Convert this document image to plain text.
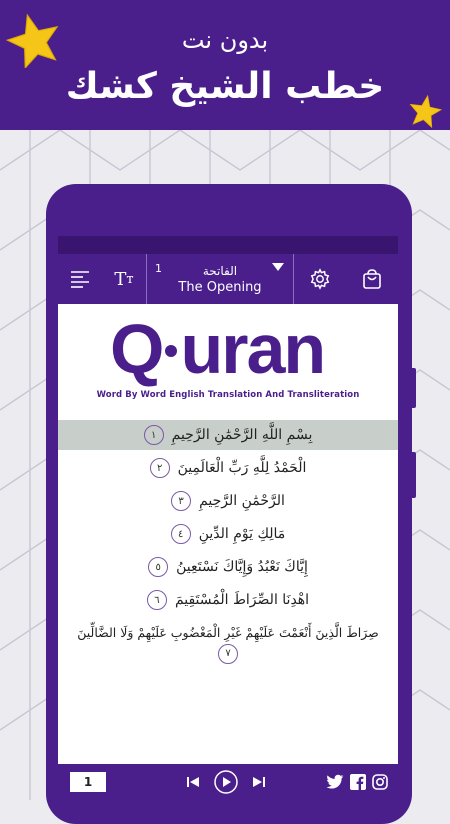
بدون نت
خطب الشيخ كشك
T т
1	الفاتحة
The Opening
Q uran
Word By Word English Translation And Transliteration
بِسْمِ اللَّهِ الرَّحْمَٰنِ الرَّحِيمِ
١
الْحَمْدُ لِلَّهِ رَبِّ الْعَالَمِينَ
٢
الرَّحْمَٰنِ الرَّحِيمِ
٣
مَالِكِ يَوْمِ الدِّينِ
٤
إِيَّاكَ نَعْبُدُ وَإِيَّاكَ نَسْتَعِينُ
٥
اهْدِنَا الصِّرَاطَ الْمُسْتَقِيمَ
٦
صِرَاطَ الَّذِينَ أَنْعَمْتَ عَلَيْهِمْ غَيْرِ الْمَغْضُوبِ عَلَيْهِمْ وَلَا الضَّالِّينَ
٧
1
